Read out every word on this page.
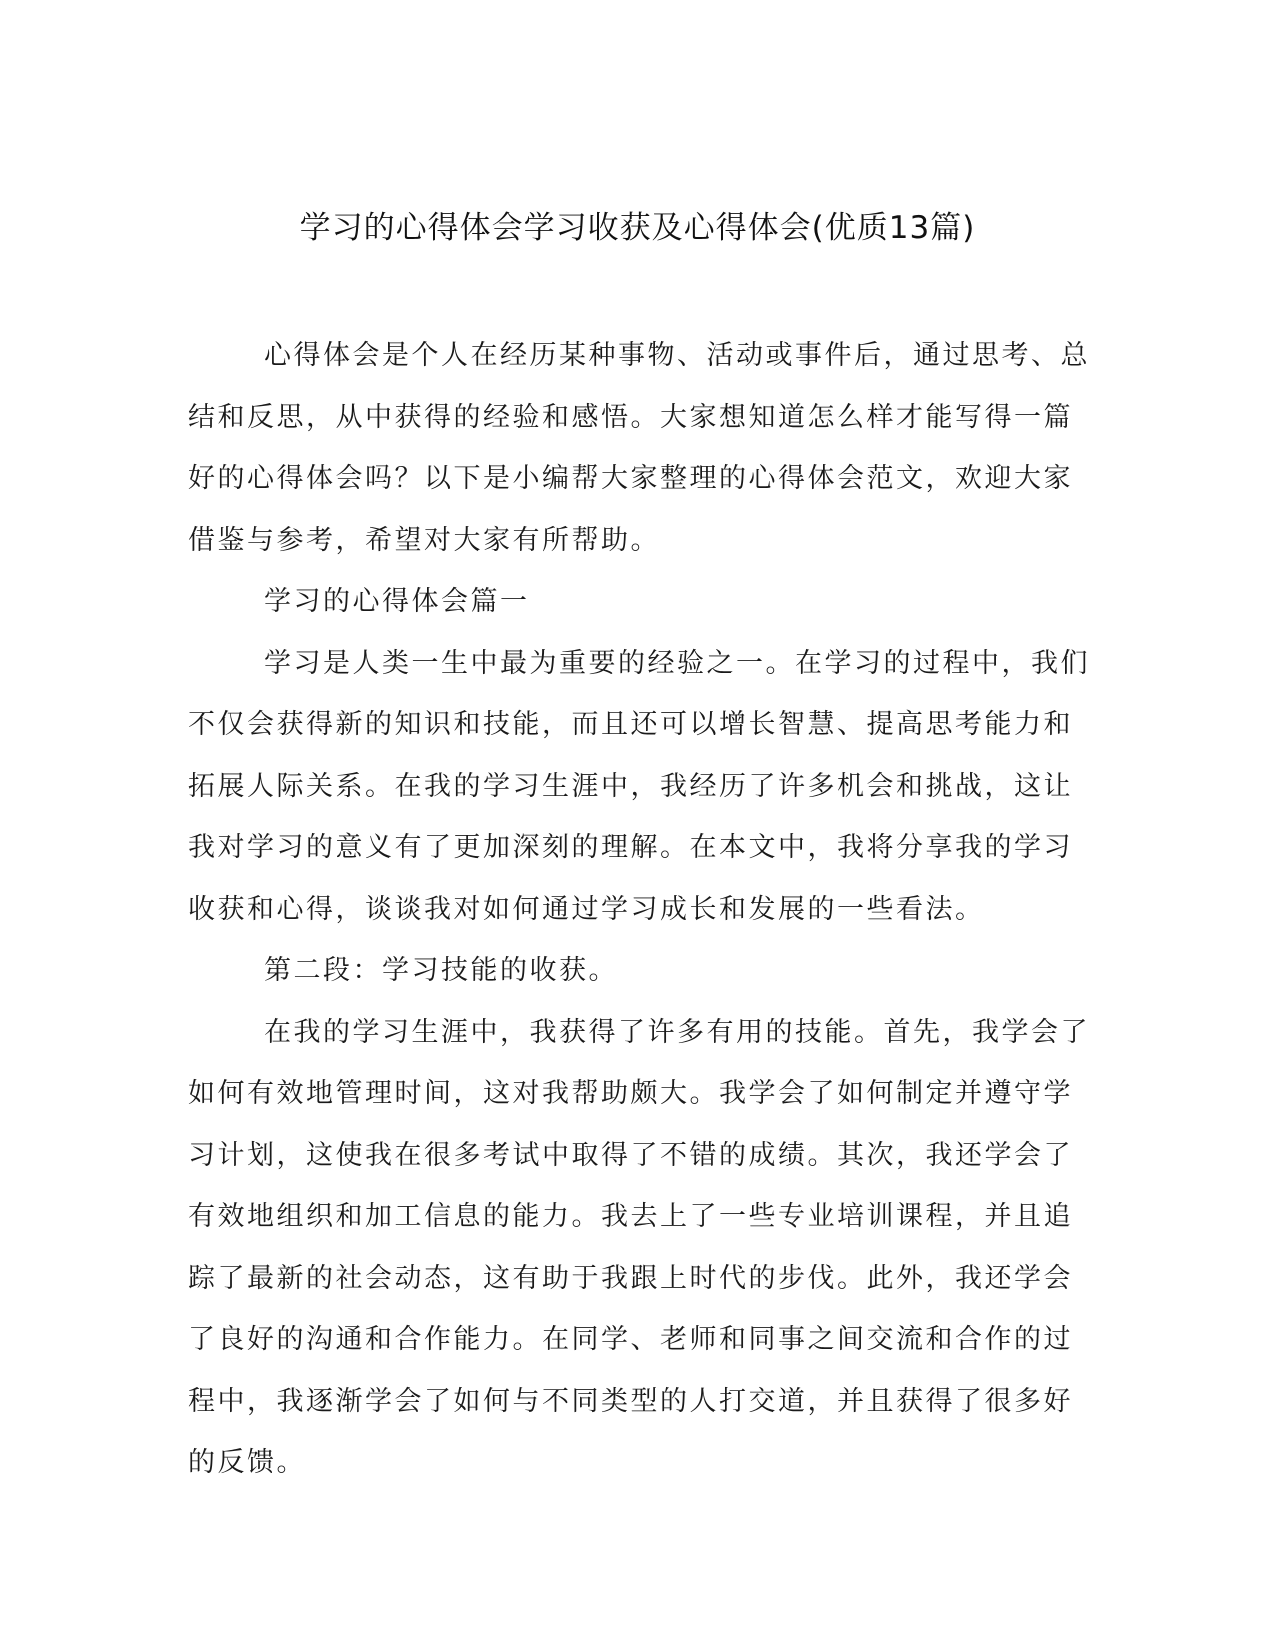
学习的心得体会学习收获及心得体会(优质13篇)
心得体会是个人在经历某种事物、活动或事件后，通过思考、总
结和反思，从中获得的经验和感悟。大家想知道怎么样才能写得一篇
好的心得体会吗？以下是小编帮大家整理的心得体会范文，欢迎大家
借鉴与参考，希望对大家有所帮助。
学习的心得体会篇一
学习是人类一生中最为重要的经验之一。在学习的过程中，我们
不仅会获得新的知识和技能，而且还可以增长智慧、提高思考能力和
拓展人际关系。在我的学习生涯中，我经历了许多机会和挑战，这让
我对学习的意义有了更加深刻的理解。在本文中，我将分享我的学习
收获和心得，谈谈我对如何通过学习成长和发展的一些看法。
第二段：学习技能的收获。
在我的学习生涯中，我获得了许多有用的技能。首先，我学会了
如何有效地管理时间，这对我帮助颇大。我学会了如何制定并遵守学
习计划，这使我在很多考试中取得了不错的成绩。其次，我还学会了
有效地组织和加工信息的能力。我去上了一些专业培训课程，并且追
踪了最新的社会动态，这有助于我跟上时代的步伐。此外，我还学会
了良好的沟通和合作能力。在同学、老师和同事之间交流和合作的过
程中，我逐渐学会了如何与不同类型的人打交道，并且获得了很多好
的反馈。
